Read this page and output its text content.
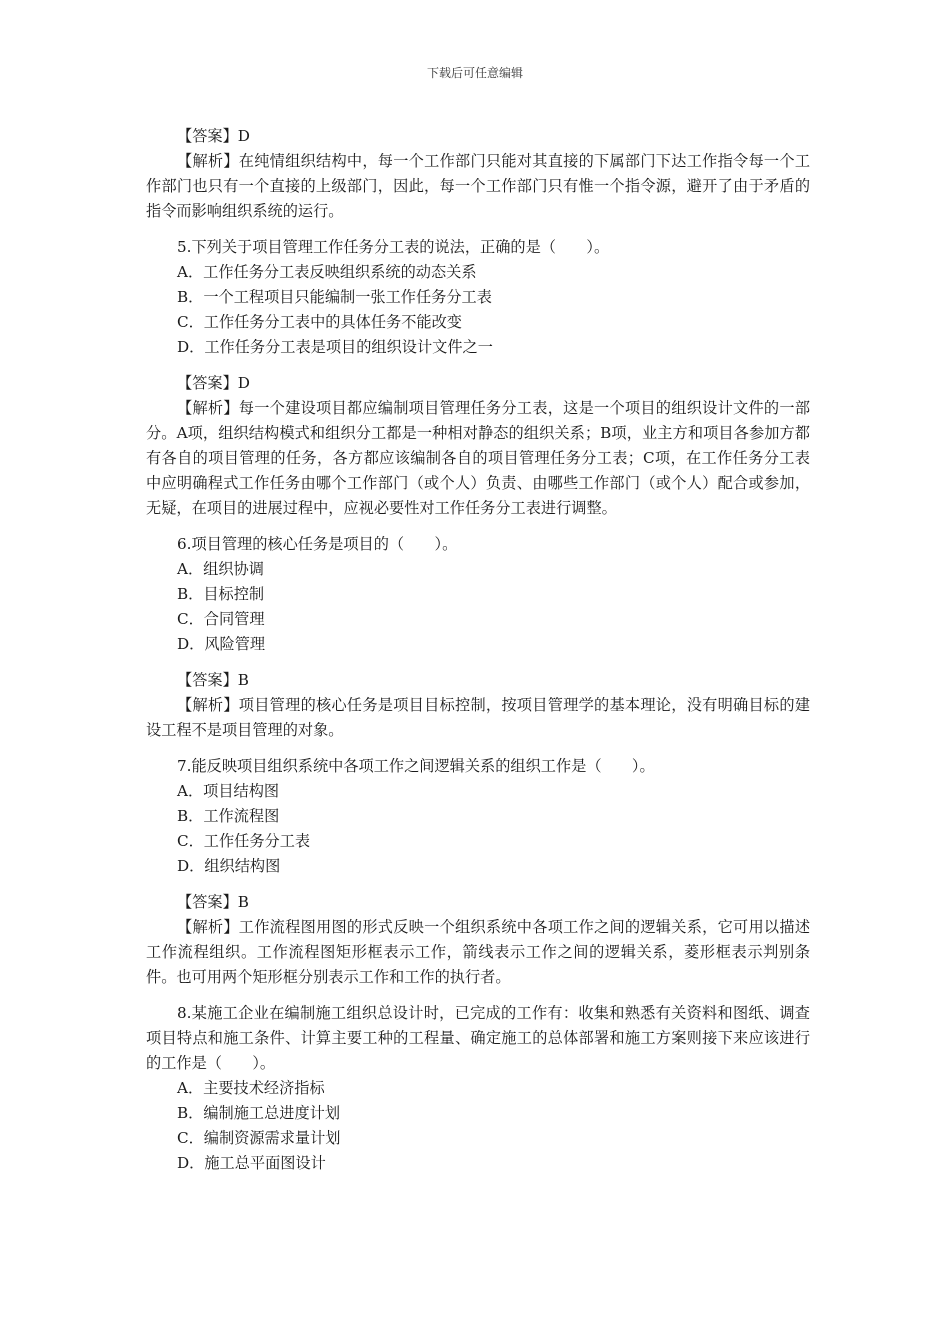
下载后可任意编辑
【答案】D
【解析】在纯情组织结构中，每一个工作部门只能对其直接的下属部门下达工作指令每一个工作部门也只有一个直接的上级部门，因此，每一个工作部门只有惟一个指令源，避开了由于矛盾的指令而影响组织系统的运行。
5.下列关于项目管理工作任务分工表的说法，正确的是（　　）。
A．工作任务分工表反映组织系统的动态关系
B．一个工程项目只能编制一张工作任务分工表
C．工作任务分工表中的具体任务不能改变
D．工作任务分工表是项目的组织设计文件之一
【答案】D
【解析】每一个建设项目都应编制项目管理任务分工表，这是一个项目的组织设计文件的一部分。A项，组织结构模式和组织分工都是一种相对静态的组织关系；B项，业主方和项目各参加方都有各自的项目管理的任务，各方都应该编制各自的项目管理任务分工表；C项，在工作任务分工表中应明确程式工作任务由哪个工作部门（或个人）负责、由哪些工作部门（或个人）配合或参加，无疑，在项目的进展过程中，应视必要性对工作任务分工表进行调整。
6.项目管理的核心任务是项目的（　　）。
A．组织协调
B．目标控制
C．合同管理
D．风险管理
【答案】B
【解析】项目管理的核心任务是项目目标控制，按项目管理学的基本理论，没有明确目标的建设工程不是项目管理的对象。
7.能反映项目组织系统中各项工作之间逻辑关系的组织工作是（　　）。
A．项目结构图
B．工作流程图
C．工作任务分工表
D．组织结构图
【答案】B
【解析】工作流程图用图的形式反映一个组织系统中各项工作之间的逻辑关系，它可用以描述工作流程组织。工作流程图矩形框表示工作，箭线表示工作之间的逻辑关系，菱形框表示判别条件。也可用两个矩形框分别表示工作和工作的执行者。
8.某施工企业在编制施工组织总设计时，已完成的工作有：收集和熟悉有关资料和图纸、调查项目特点和施工条件、计算主要工种的工程量、确定施工的总体部署和施工方案则接下来应该进行的工作是（　　）。
A．主要技术经济指标
B．编制施工总进度计划
C．编制资源需求量计划
D．施工总平面图设计
